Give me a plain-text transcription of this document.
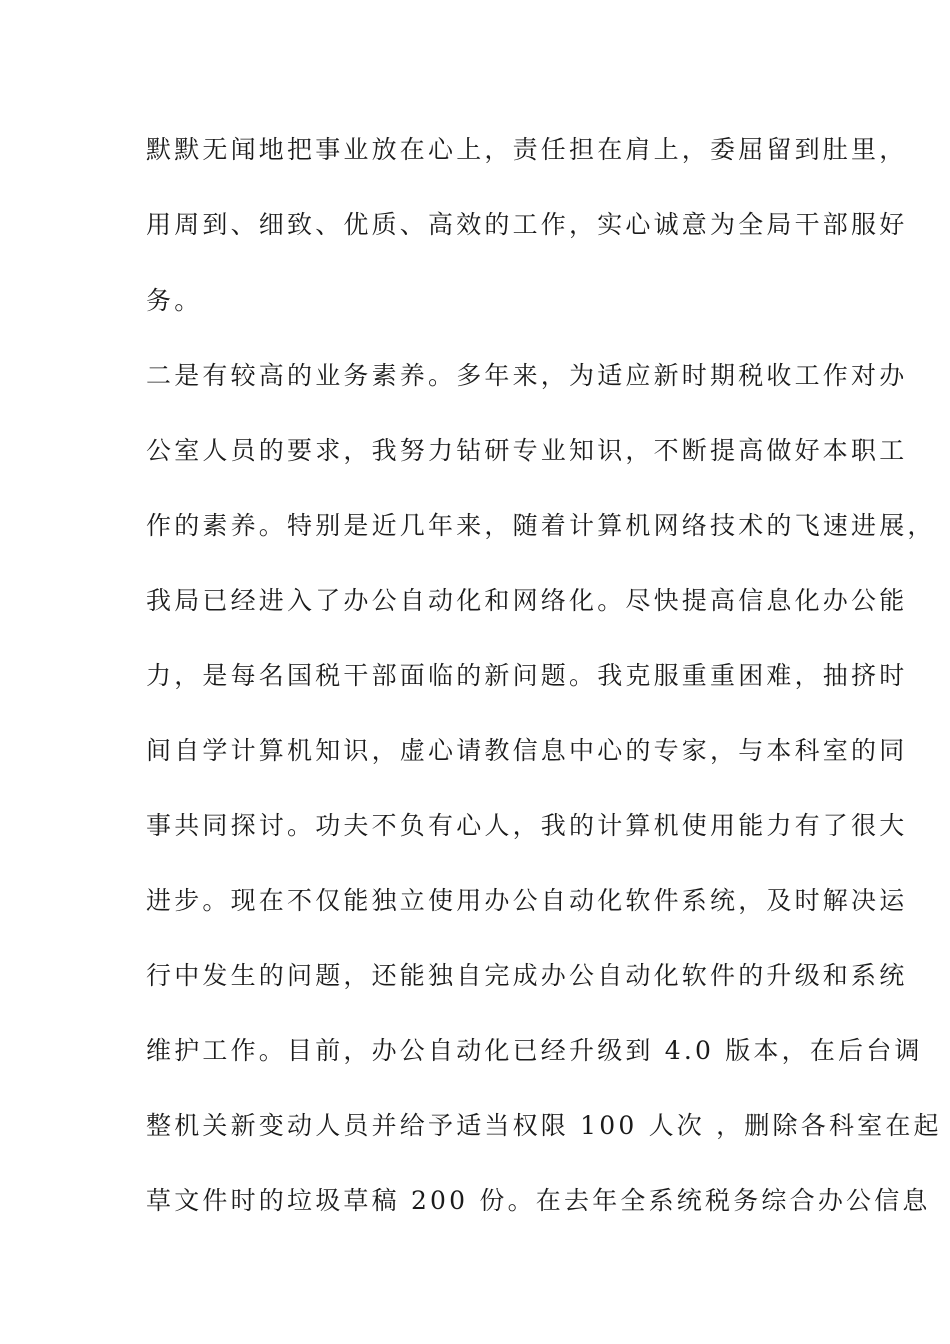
默默无闻地把事业放在心上，责任担在肩上，委屈留到肚里，
用周到、细致、优质、高效的工作，实心诚意为全局干部服好
务。
二是有较高的业务素养。多年来，为适应新时期税收工作对办
公室人员的要求，我努力钻研专业知识，不断提高做好本职工
作的素养。特别是近几年来，随着计算机网络技术的飞速进展，
我局已经进入了办公自动化和网络化。尽快提高信息化办公能
力，是每名国税干部面临的新问题。我克服重重困难，抽挤时
间自学计算机知识，虚心请教信息中心的专家，与本科室的同
事共同探讨。功夫不负有心人，我的计算机使用能力有了很大
进步。现在不仅能独立使用办公自动化软件系统，及时解决运
行中发生的问题，还能独自完成办公自动化软件的升级和系统
维护工作。目前，办公自动化已经升级到 4.0 版本，在后台调
整机关新变动人员并给予适当权限 100 人次 ，删除各科室在起
草文件时的垃圾草稿 200 份。在去年全系统税务综合办公信息
